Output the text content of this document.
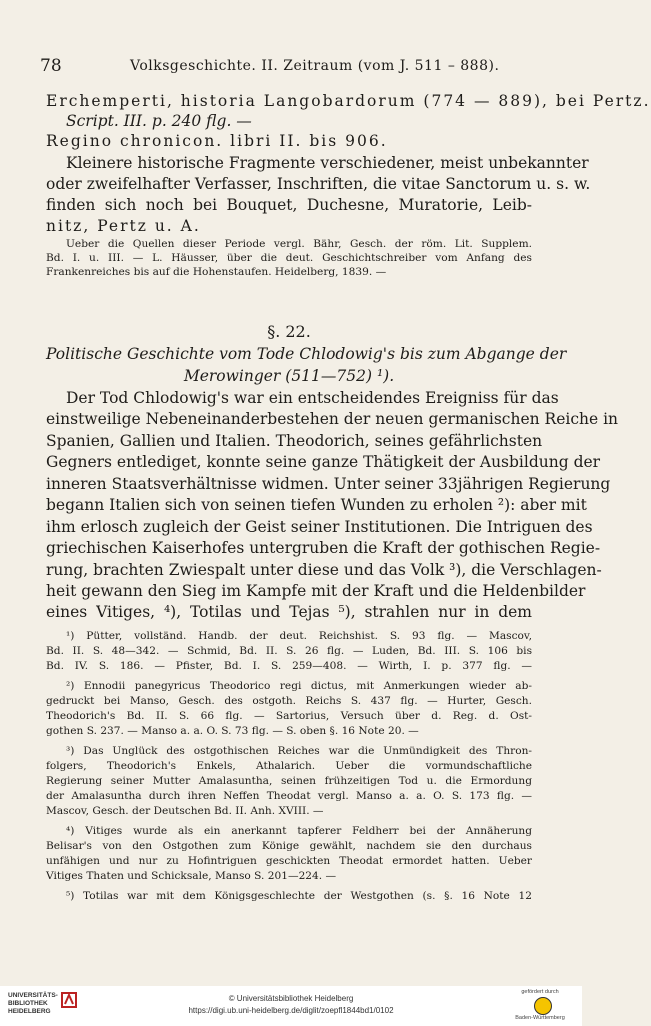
78	Volksgeschichte. II. Zeitraum (vom J. 511 – 888).
Erchemperti, historia Langobardorum (774 — 889), bei Pertz.
Script. III. p. 240 flg. —
Regino chronicon. libri II. bis 906.
Kleinere historische Fragmente verschiedener, meist unbekannter
oder zweifelhafter Verfasser, Inschriften, die vitae Sanctorum u. s. w.
finden sich noch bei Bouquet, Duchesne, Muratorie, Leib-
nitz, Pertz u. A.
Ueber die Quellen dieser Periode vergl. Bähr, Gesch. der röm. Lit. Supplem.
Bd. I. u. III. — L. Häusser, über die deut. Geschichtschreiber vom Anfang des
Frankenreiches bis auf die Hohenstaufen. Heidelberg, 1839. —
§. 22.
Politische Geschichte vom Tode Chlodowig's bis zum Abgange der
Merowinger (511—752) ¹).
Der Tod Chlodowig's war ein entscheidendes Ereigniss für das
einstweilige Nebeneinanderbestehen der neuen germanischen Reiche in
Spanien, Gallien und Italien. Theodorich, seines gefährlichsten
Gegners entlediget, konnte seine ganze Thätigkeit der Ausbildung der
inneren Staatsverhältnisse widmen. Unter seiner 33jährigen Regierung
begann Italien sich von seinen tiefen Wunden zu erholen ²): aber mit
ihm erlosch zugleich der Geist seiner Institutionen. Die Intriguen des
griechischen Kaiserhofes untergruben die Kraft der gothischen Regie-
rung, brachten Zwiespalt unter diese und das Volk ³), die Verschlagen-
heit gewann den Sieg im Kampfe mit der Kraft und die Heldenbilder
eines Vitiges, ⁴), Totilas und Tejas ⁵), strahlen nur in dem
¹) Pütter, vollständ. Handb. der deut. Reichshist. S. 93 flg. — Mascov,
Bd. II. S. 48—342. — Schmid, Bd. II. S. 26 flg. — Luden, Bd. III. S. 106 bis
Bd. IV. S. 186. — Pfister, Bd. I. S. 259—408. — Wirth, I. p. 377 flg. —
²) Ennodii panegyricus Theodorico regi dictus, mit Anmerkungen wieder ab-
gedruckt bei Manso, Gesch. des ostgoth. Reichs S. 437 flg. — Hurter, Gesch.
Theodorich's Bd. II. S. 66 flg. — Sartorius, Versuch über d. Reg. d. Ost-
gothen S. 237. — Manso a. a. O. S. 73 flg. — S. oben §. 16 Note 20. —
³) Das Unglück des ostgothischen Reiches war die Unmündigkeit des Thron-
folgers, Theodorich's Enkels, Athalarich. Ueber die vormundschaftliche
Regierung seiner Mutter Amalasuntha, seinen frühzeitigen Tod u. die Ermordung
der Amalasuntha durch ihren Neffen Theodat vergl. Manso a. a. O. S. 173 flg. —
Mascov, Gesch. der Deutschen Bd. II. Anh. XVIII. —
⁴) Vitiges wurde als ein anerkannt tapferer Feldherr bei der Annäherung
Belisar's von den Ostgothen zum Könige gewählt, nachdem sie den durchaus
unfähigen und nur zu Hofintriguen geschickten Theodat ermordet hatten. Ueber
Vitiges Thaten und Schicksale, Manso S. 201—224. —
⁵) Totilas war mit dem Königsgeschlechte der Westgothen (s. §. 16 Note 12
UNIVERSITÄTS-
BIBLIOTHEK
HEIDELBERG
© Universitätsbibliothek Heidelberg
https://digi.ub.uni-heidelberg.de/diglit/zoepfl1844bd1/0102
gefördert durch
Baden-Württemberg
